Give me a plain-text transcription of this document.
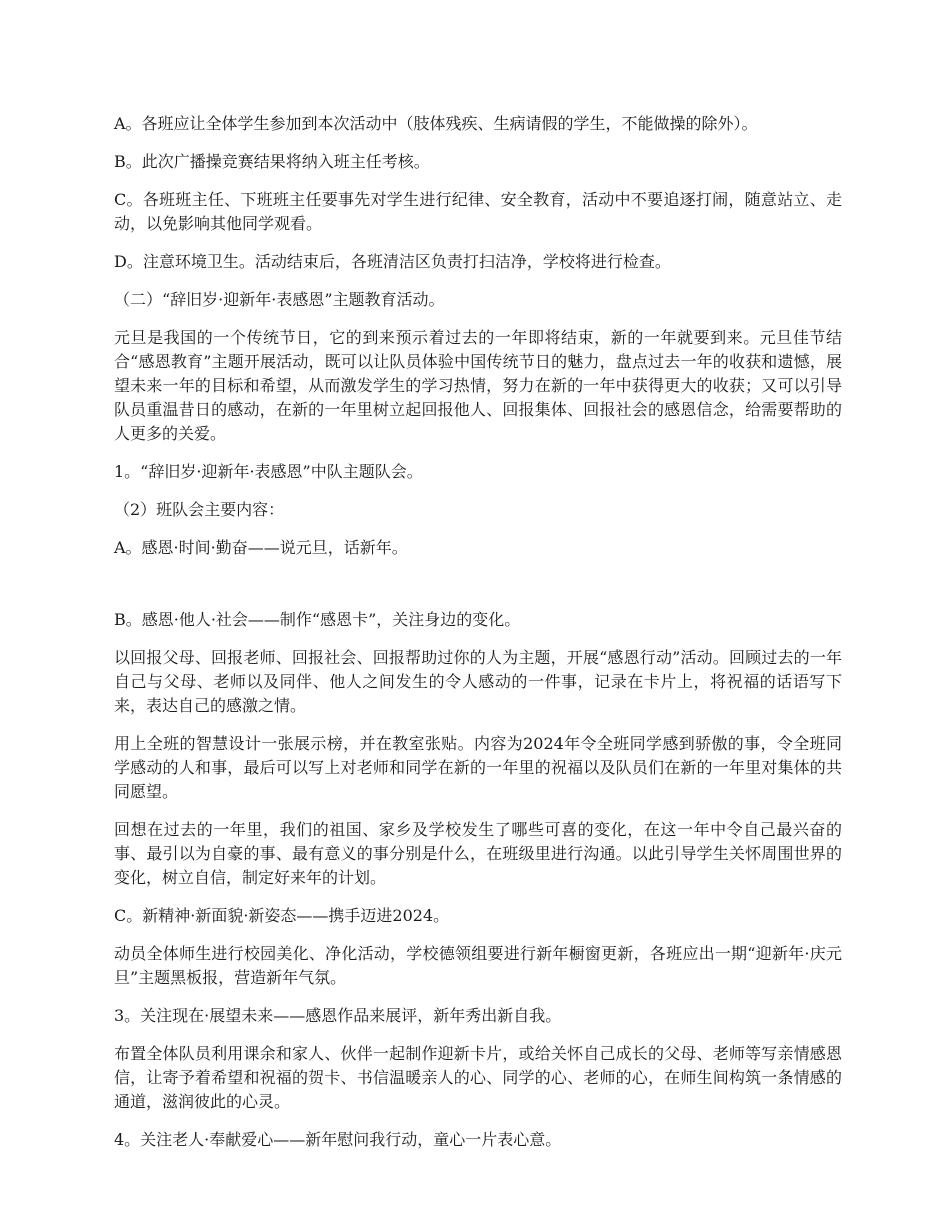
A。各班应让全体学生参加到本次活动中（肢体残疾、生病请假的学生，不能做操的除外）。

B。此次广播操竞赛结果将纳入班主任考核。

C。各班班主任、下班班主任要事先对学生进行纪律、安全教育，活动中不要追逐打闹，随意站立、走动，以免影响其他同学观看。

D。注意环境卫生。活动结束后，各班清洁区负责打扫洁净，学校将进行检查。

（二）“辞旧岁·迎新年·表感恩”主题教育活动。

元旦是我国的一个传统节日，它的到来预示着过去的一年即将结束，新的一年就要到来。元旦佳节结合“感恩教育”主题开展活动，既可以让队员体验中国传统节日的魅力，盘点过去一年的收获和遗憾，展望未来一年的目标和希望，从而激发学生的学习热情，努力在新的一年中获得更大的收获；又可以引导队员重温昔日的感动，在新的一年里树立起回报他人、回报集体、回报社会的感恩信念，给需要帮助的人更多的关爱。

1。“辞旧岁·迎新年·表感恩”中队主题队会。

（2）班队会主要内容：

A。感恩·时间·勤奋——说元旦，话新年。

B。感恩·他人·社会——制作“感恩卡”，关注身边的变化。

以回报父母、回报老师、回报社会、回报帮助过你的人为主题，开展“感恩行动”活动。回顾过去的一年自己与父母、老师以及同伴、他人之间发生的令人感动的一件事，记录在卡片上，将祝福的话语写下来，表达自己的感激之情。

用上全班的智慧设计一张展示榜，并在教室张贴。内容为2024年令全班同学感到骄傲的事，令全班同学感动的人和事，最后可以写上对老师和同学在新的一年里的祝福以及队员们在新的一年里对集体的共同愿望。

回想在过去的一年里，我们的祖国、家乡及学校发生了哪些可喜的变化，在这一年中令自己最兴奋的事、最引以为自豪的事、最有意义的事分别是什么，在班级里进行沟通。以此引导学生关怀周围世界的变化，树立自信，制定好来年的计划。

C。新精神·新面貌·新姿态——携手迈进2024。

动员全体师生进行校园美化、净化活动，学校德领组要进行新年橱窗更新，各班应出一期“迎新年·庆元旦”主题黑板报，营造新年气氛。

3。关注现在·展望未来——感恩作品来展评，新年秀出新自我。

布置全体队员利用课余和家人、伙伴一起制作迎新卡片，或给关怀自己成长的父母、老师等写亲情感恩信，让寄予着希望和祝福的贺卡、书信温暖亲人的心、同学的心、老师的心，在师生间构筑一条情感的通道，滋润彼此的心灵。

4。关注老人·奉献爱心——新年慰问我行动，童心一片表心意。
